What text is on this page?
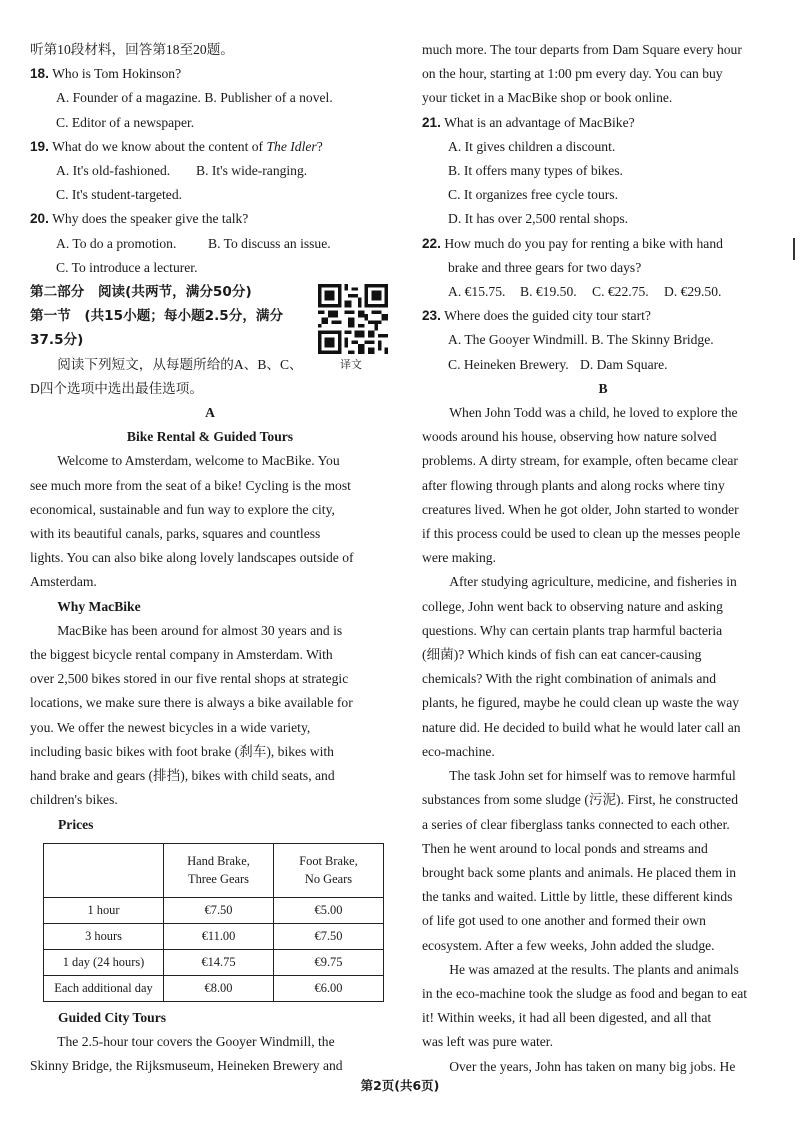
听第10段材料，回答第18至20题。
18. Who is Tom Hokinson?
A. Founder of a magazine. B. Publisher of a novel.
C. Editor of a newspaper.
19. What do we know about the content of The Idler?
A. It's old-fashioned. B. It's wide-ranging.
C. It's student-targeted.
20. Why does the speaker give the talk?
A. To do a promotion. B. To discuss an issue.
C. To introduce a lecturer.
第二部分　阅读(共两节，满分50分)
第一节　(共15小题；每小题2.5分，满分
37.5分)
阅读下列短文，从每题所给的A、B、C、
D四个选项中选出最佳选项。
A
Bike Rental & Guided Tours
Welcome to Amsterdam, welcome to MacBike. You
see much more from the seat of a bike! Cycling is the most
economical, sustainable and fun way to explore the city,
with its beautiful canals, parks, squares and countless
lights. You can also bike along lovely landscapes outside of
Amsterdam.
Why MacBike
MacBike has been around for almost 30 years and is
the biggest bicycle rental company in Amsterdam. With
over 2,500 bikes stored in our five rental shops at strategic
locations, we make sure there is always a bike available for
you. We offer the newest bicycles in a wide variety,
including basic bikes with foot brake (刹车), bikes with
hand brake and gears (排挡), bikes with child seats, and
children's bikes.
Prices
	Hand Brake,
Three Gears	Foot Brake,
No Gears
1 hour	€7.50	€5.00
3 hours	€11.00	€7.50
1 day (24 hours)	€14.75	€9.75
Each additional day	€8.00	€6.00
Guided City Tours
The 2.5-hour tour covers the Gooyer Windmill, the
Skinny Bridge, the Rijksmuseum, Heineken Brewery and
译文
much more. The tour departs from Dam Square every hour
on the hour, starting at 1:00 pm every day. You can buy
your ticket in a MacBike shop or book online.
21. What is an advantage of MacBike?
A. It gives children a discount.
B. It offers many types of bikes.
C. It organizes free cycle tours.
D. It has over 2,500 rental shops.
22. How much do you pay for renting a bike with hand
brake and three gears for two days?
A. €15.75. B. €19.50. C. €22.75. D. €29.50.
23. Where does the guided city tour start?
A. The Gooyer Windmill. B. The Skinny Bridge.
C. Heineken Brewery. D. Dam Square.
B
When John Todd was a child, he loved to explore the
woods around his house, observing how nature solved
problems. A dirty stream, for example, often became clear
after flowing through plants and along rocks where tiny
creatures lived. When he got older, John started to wonder
if this process could be used to clean up the messes people
were making.
After studying agriculture, medicine, and fisheries in
college, John went back to observing nature and asking
questions. Why can certain plants trap harmful bacteria
(细菌)? Which kinds of fish can eat cancer-causing
chemicals? With the right combination of animals and
plants, he figured, maybe he could clean up waste the way
nature did. He decided to build what he would later call an
eco-machine.
The task John set for himself was to remove harmful
substances from some sludge (污泥). First, he constructed
a series of clear fiberglass tanks connected to each other.
Then he went around to local ponds and streams and
brought back some plants and animals. He placed them in
the tanks and waited. Little by little, these different kinds
of life got used to one another and formed their own
ecosystem. After a few weeks, John added the sludge.
He was amazed at the results. The plants and animals
in the eco-machine took the sludge as food and began to eat
it! Within weeks, it had all been digested, and all that
was left was pure water.
Over the years, John has taken on many big jobs. He
第2页(共6页)
